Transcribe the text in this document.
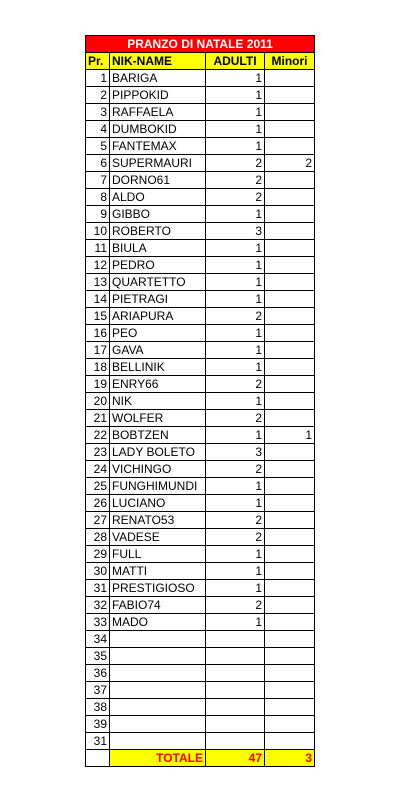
PRANZO DI NATALE 2011			
Pr.	NIK-NAME	ADULTI	Minori
1	BARIGA	1	
2	PIPPOKID	1	
3	RAFFAELA	1	
4	DUMBOKID	1	
5	FANTEMAX	1	
6	SUPERMAURI	2	2
7	DORNO61	2	
8	ALDO	2	
9	GIBBO	1	
10	ROBERTO	3	
11	BIULA	1	
12	PEDRO	1	
13	QUARTETTO	1	
14	PIETRAGI	1	
15	ARIAPURA	2	
16	PEO	1	
17	GAVA	1	
18	BELLINIK	1	
19	ENRY66	2	
20	NIK	1	
21	WOLFER	2	
22	BOBTZEN	1	1
23	LADY BOLETO	3	
24	VICHINGO	2	
25	FUNGHIMUNDI	1	
26	LUCIANO	1	
27	RENATO53	2	
28	VADESE	2	
29	FULL	1	
30	MATTI	1	
31	PRESTIGIOSO	1	
32	FABIO74	2	
33	MADO	1	
34			
35			
36			
37			
38			
39			
31			
	TOTALE	47	3
